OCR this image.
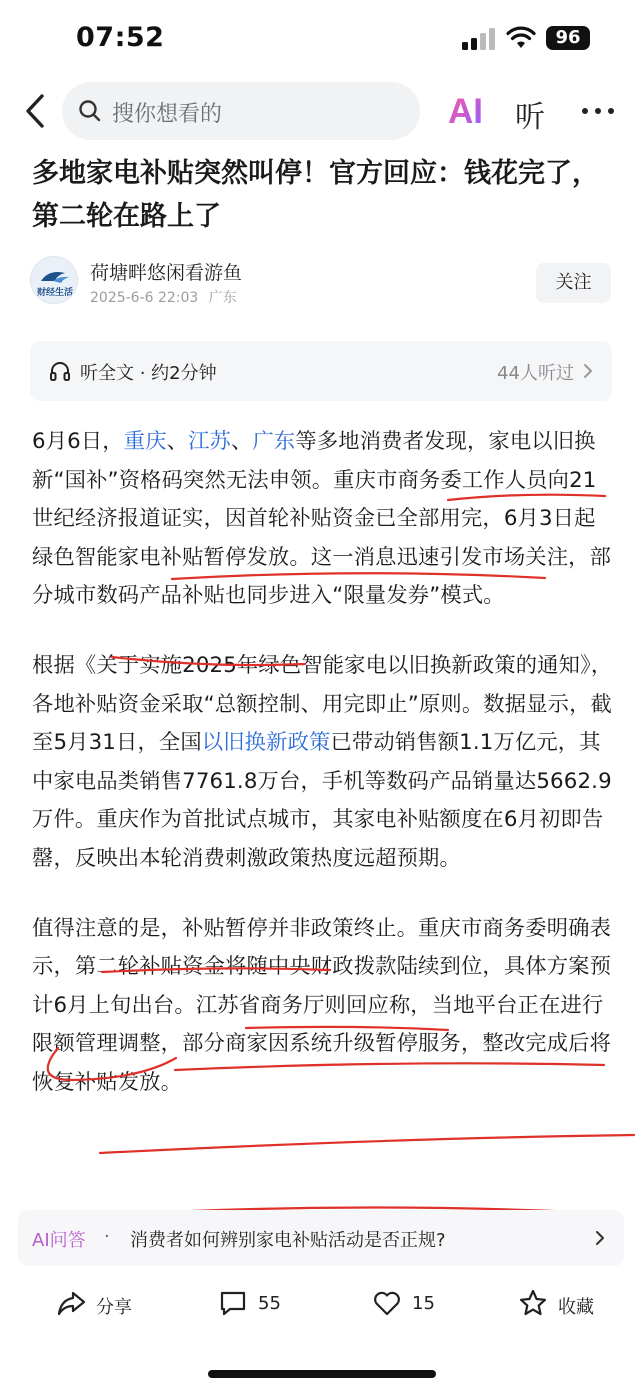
07:52	96
搜你想看的	AI 听
多地家电补贴突然叫停！官方回应：钱花完了，第二轮在路上了
财经生活
荷塘畔悠闲看游鱼
2025-6-6 22:03 广东
关注
听全文 · 约2分钟	44人听过

6月6日，重庆、江苏、广东等多地消费者发现，家电以旧换新“国补”资格码突然无法申领。重庆市商务委工作人员向21世纪经济报道证实，因首轮补贴资金已全部用完，6月3日起绿色智能家电补贴暂停发放。这一消息迅速引发市场关注，部分城市数码产品补贴也同步进入“限量发券”模式。

根据《关于实施2025年绿色智能家电以旧换新政策的通知》，各地补贴资金采取“总额控制、用完即止”原则。数据显示，截至5月31日，全国以旧换新政策已带动销售额1.1万亿元，其中家电品类销售7761.8万台，手机等数码产品销量达5662.9万件。重庆作为首批试点城市，其家电补贴额度在6月初即告罄，反映出本轮消费刺激政策热度远超预期。

值得注意的是，补贴暂停并非政策终止。重庆市商务委明确表示，第二轮补贴资金将随中央财政拨款陆续到位，具体方案预计6月上旬出台。江苏省商务厅则回应称，当地平台正在进行限额管理调整，部分商家因系统升级暂停服务，整改完成后将恢复补贴发放。

AI问答 · 消费者如何辨别家电补贴活动是否正规?
分享	55	15	收藏
